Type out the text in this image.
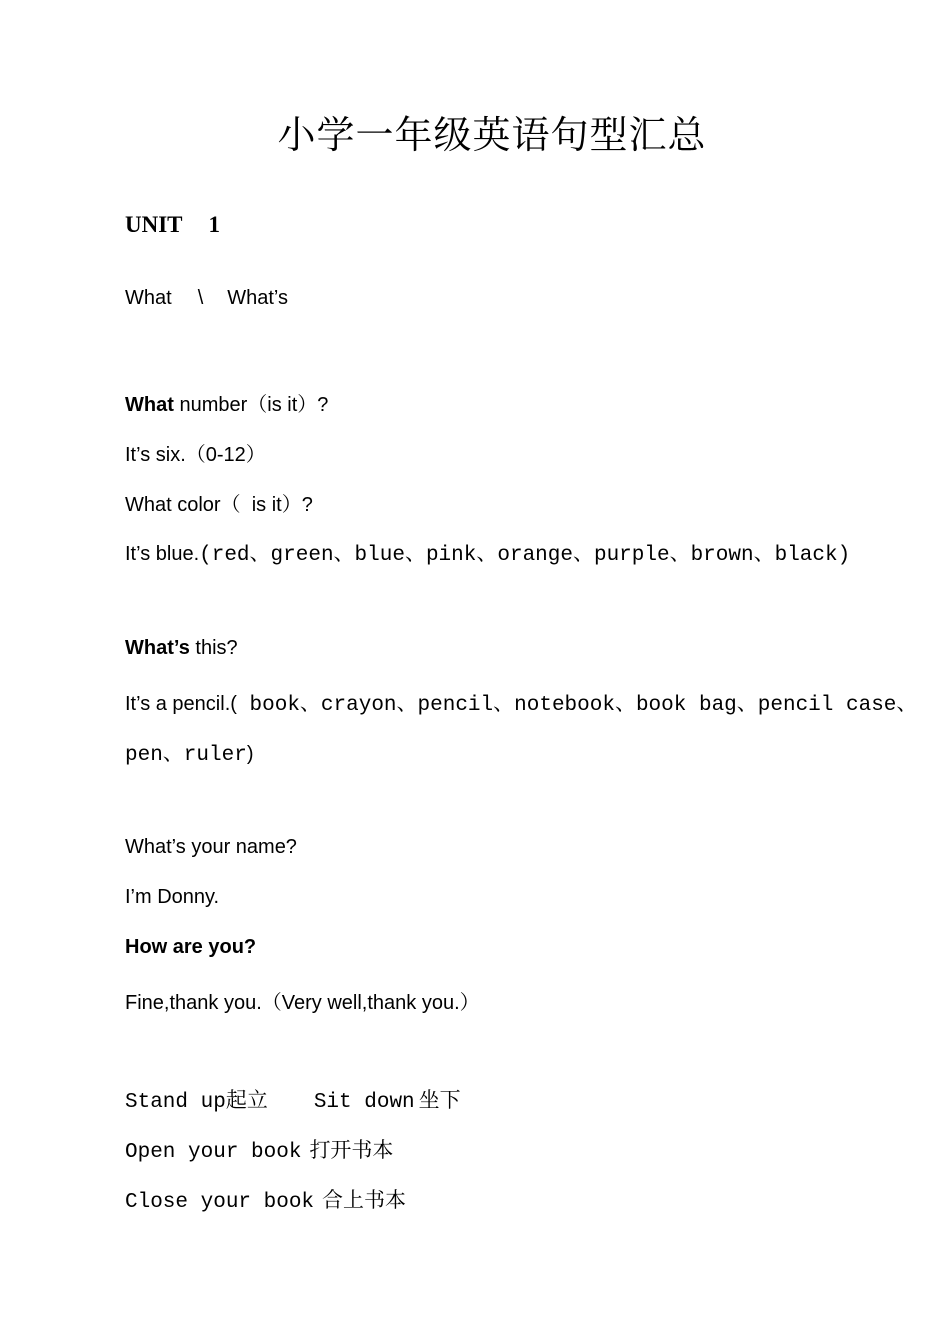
小学一年级英语句型汇总
UNIT 1
What \ What’s
What number（is it）?
It’s six.（0-12）
What color（  is it）?
It’s blue.(red、green、blue、pink、orange、purple、brown、black)
What’s this?
It’s a pencil.( book、crayon、pencil、notebook、book bag、pencil case、
pen、ruler)
What’s your name?
I’m Donny.
How are you?
Fine,thank you.（Very well,thank you.）
Stand up起立 Sit down 坐下
Open your book 打开书本
Close your book 合上书本
